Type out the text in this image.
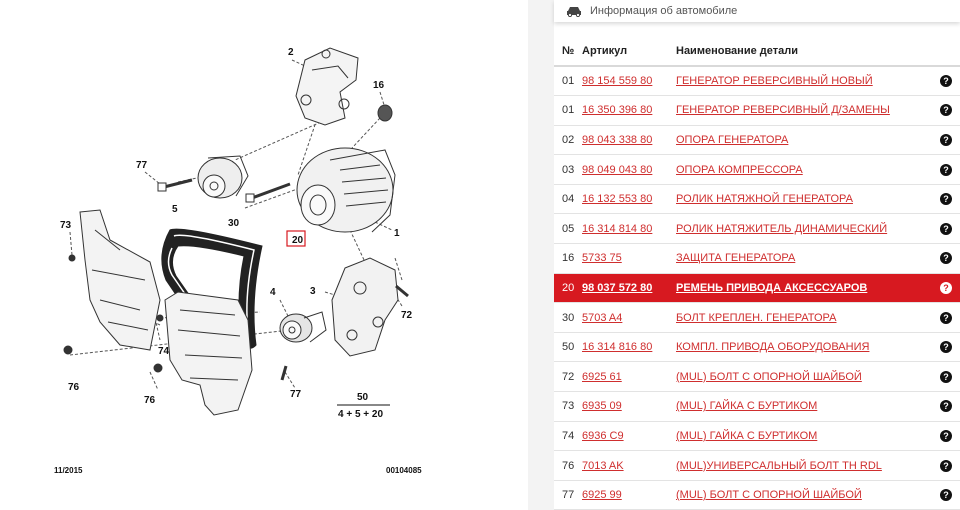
2
16
77
5
30
20
1
73
4	3
72
74
76
76
77	50
4 + 5 + 20
11/2015	00104085
Информация об автомобиле
№	Артикул	Наименование детали	
01	98 154 559 80	ГЕНЕРАТОР РЕВЕРСИВНЫЙ НОВЫЙ	?
01	16 350 396 80	ГЕНЕРАТОР РЕВЕРСИВНЫЙ Д/ЗАМЕНЫ	?
02	98 043 338 80	ОПОРА ГЕНЕРАТОРА	?
03	98 049 043 80	ОПОРА КОМПРЕССОРА	?
04	16 132 553 80	РОЛИК НАТЯЖНОЙ ГЕНЕРАТОРА	?
05	16 314 814 80	РОЛИК НАТЯЖИТЕЛЬ ДИНАМИЧЕСКИЙ	?
16	5733 75	ЗАЩИТА ГЕНЕРАТОРА	?
20	98 037 572 80	РЕМЕНЬ ПРИВОДА АКСЕССУАРОВ	?
30	5703 A4	БОЛТ КРЕПЛЕН. ГЕНЕРАТОРА	?
50	16 314 816 80	КОМПЛ. ПРИВОДА ОБОРУДОВАНИЯ	?
72	6925 61	(MUL) БОЛТ С ОПОРНОЙ ШАЙБОЙ	?
73	6935 09	(MUL) ГАЙКА С БУРТИКОМ	?
74	6936 C9	(MUL) ГАЙКА С БУРТИКОМ	?
76	7013 AK	(MUL)УНИВЕРСАЛЬНЫЙ БОЛТ TH RDL	?
77	6925 99	(MUL) БОЛТ С ОПОРНОЙ ШАЙБОЙ	?
